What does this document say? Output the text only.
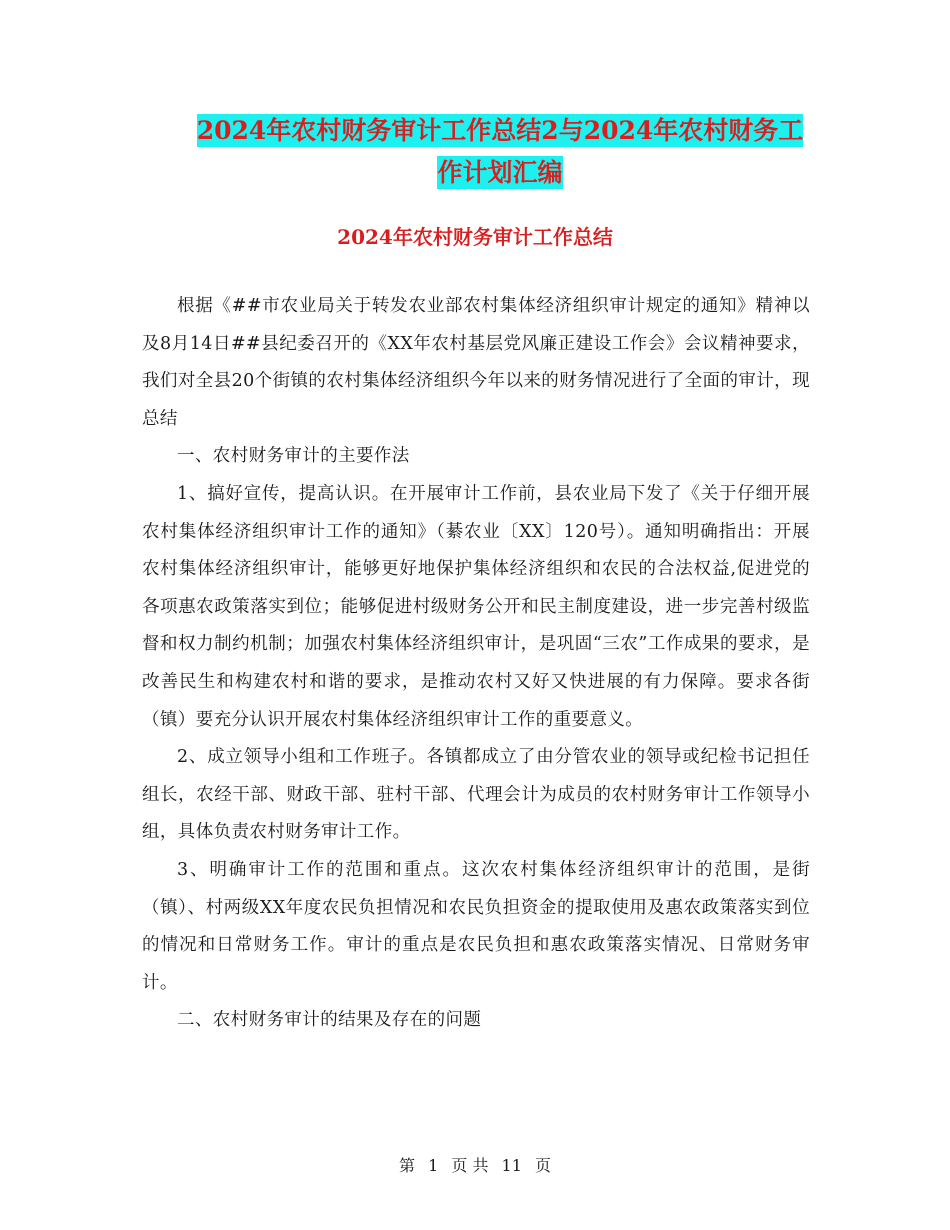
2024年农村财务审计工作总结2与2024年农村财务工
作计划汇编
2024年农村财务审计工作总结

根据《##市农业局关于转发农业部农村集体经济组织审计规定的通知》精神以及8月14日##县纪委召开的《XX年农村基层党风廉正建设工作会》会议精神要求，我们对全县20个街镇的农村集体经济组织今年以来的财务情况进行了全面的审计，现总结

一、农村财务审计的主要作法

1、搞好宣传，提高认识。在开展审计工作前，县农业局下发了《关于仔细开展农村集体经济组织审计工作的通知》（綦农业〔XX〕120号）。通知明确指出：开展农村集体经济组织审计，能够更好地保护集体经济组织和农民的合法权益,促进党的各项惠农政策落实到位；能够促进村级财务公开和民主制度建设，进一步完善村级监督和权力制约机制；加强农村集体经济组织审计，是巩固“三农”工作成果的要求，是改善民生和构建农村和谐的要求，是推动农村又好又快进展的有力保障。要求各街（镇）要充分认识开展农村集体经济组织审计工作的重要意义。

2、成立领导小组和工作班子。各镇都成立了由分管农业的领导或纪检书记担任组长，农经干部、财政干部、驻村干部、代理会计为成员的农村财务审计工作领导小组，具体负责农村财务审计工作。

3、明确审计工作的范围和重点。这次农村集体经济组织审计的范围，是街（镇）、村两级XX年度农民负担情况和农民负担资金的提取使用及惠农政策落实到位的情况和日常财务工作。审计的重点是农民负担和惠农政策落实情况、日常财务审计。

二、农村财务审计的结果及存在的问题

第 1 页 共 11 页
